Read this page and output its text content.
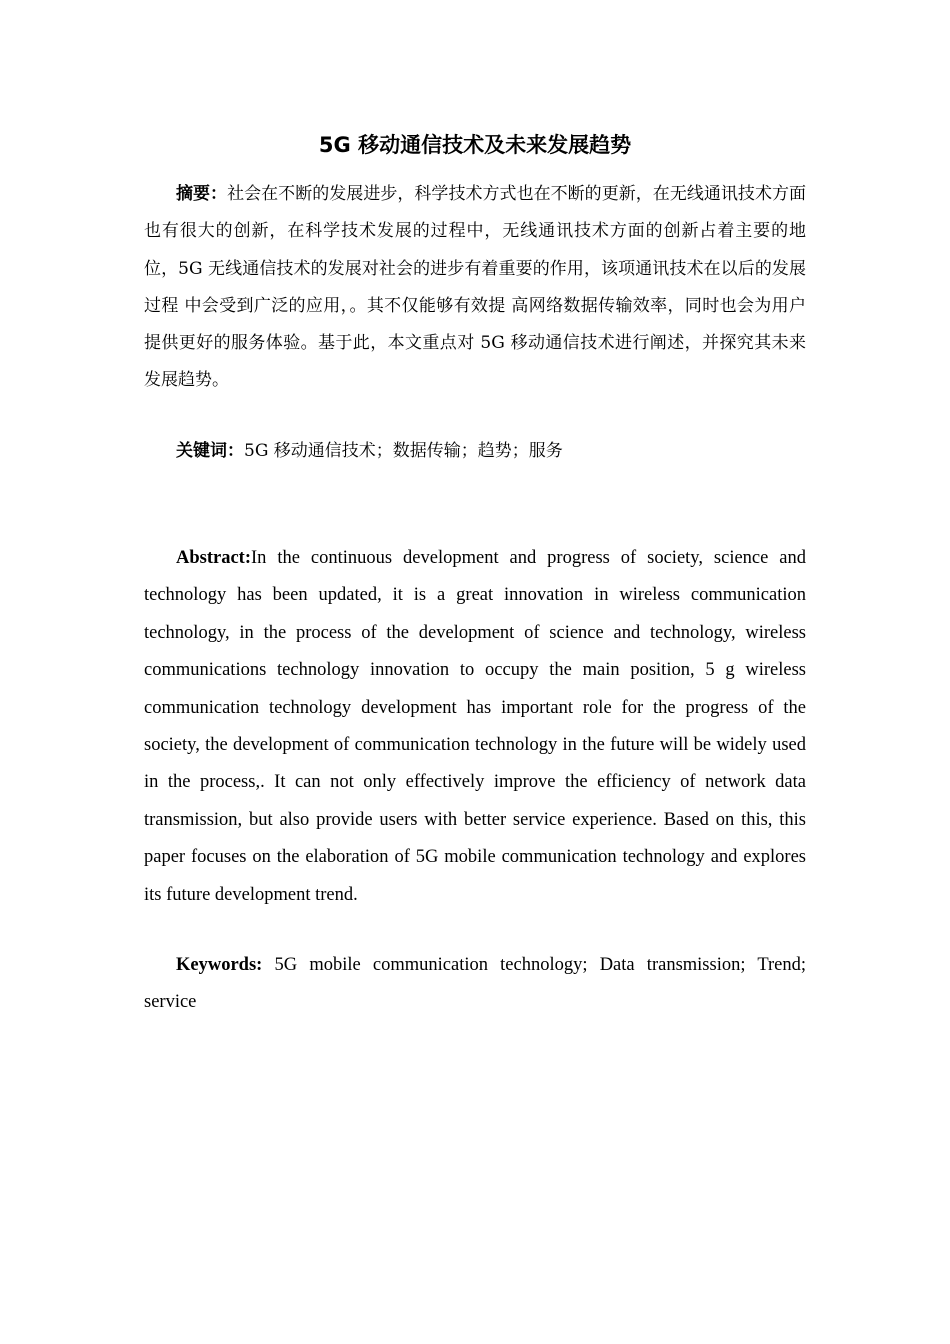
5G 移动通信技术及未来发展趋势

摘要：社会在不断的发展进步，科学技术方式也在不断的更新，在无线通讯技术方面也有很大的创新，在科学技术发展的过程中，无线通讯技术方面的创新占着主要的地位，5G 无线通信技术的发展对社会的进步有着重要的作用，该项通讯技术在以后的发展过程 中会受到广泛的应用，。其不仅能够有效提 高网络数据传输效率，同时也会为用户提供更好的服务体验。基于此，本文重点对 5G 移动通信技术进行阐述，并探究其未来发展趋势。

关键词：5G 移动通信技术；数据传输；趋势；服务

Abstract:In the continuous development and progress of society, science and technology has been updated, it is a great innovation in wireless communication technology, in the process of the development of science and technology, wireless communications technology innovation to occupy the main position, 5 g wireless communication technology development has important role for the progress of the society, the development of communication technology in the future will be widely used in the process,. It can not only effectively improve the efficiency of network data transmission, but also provide users with better service experience. Based on this, this paper focuses on the elaboration of 5G mobile communication technology and explores its future development trend.

Keywords: 5G mobile communication technology; Data transmission; Trend; service
